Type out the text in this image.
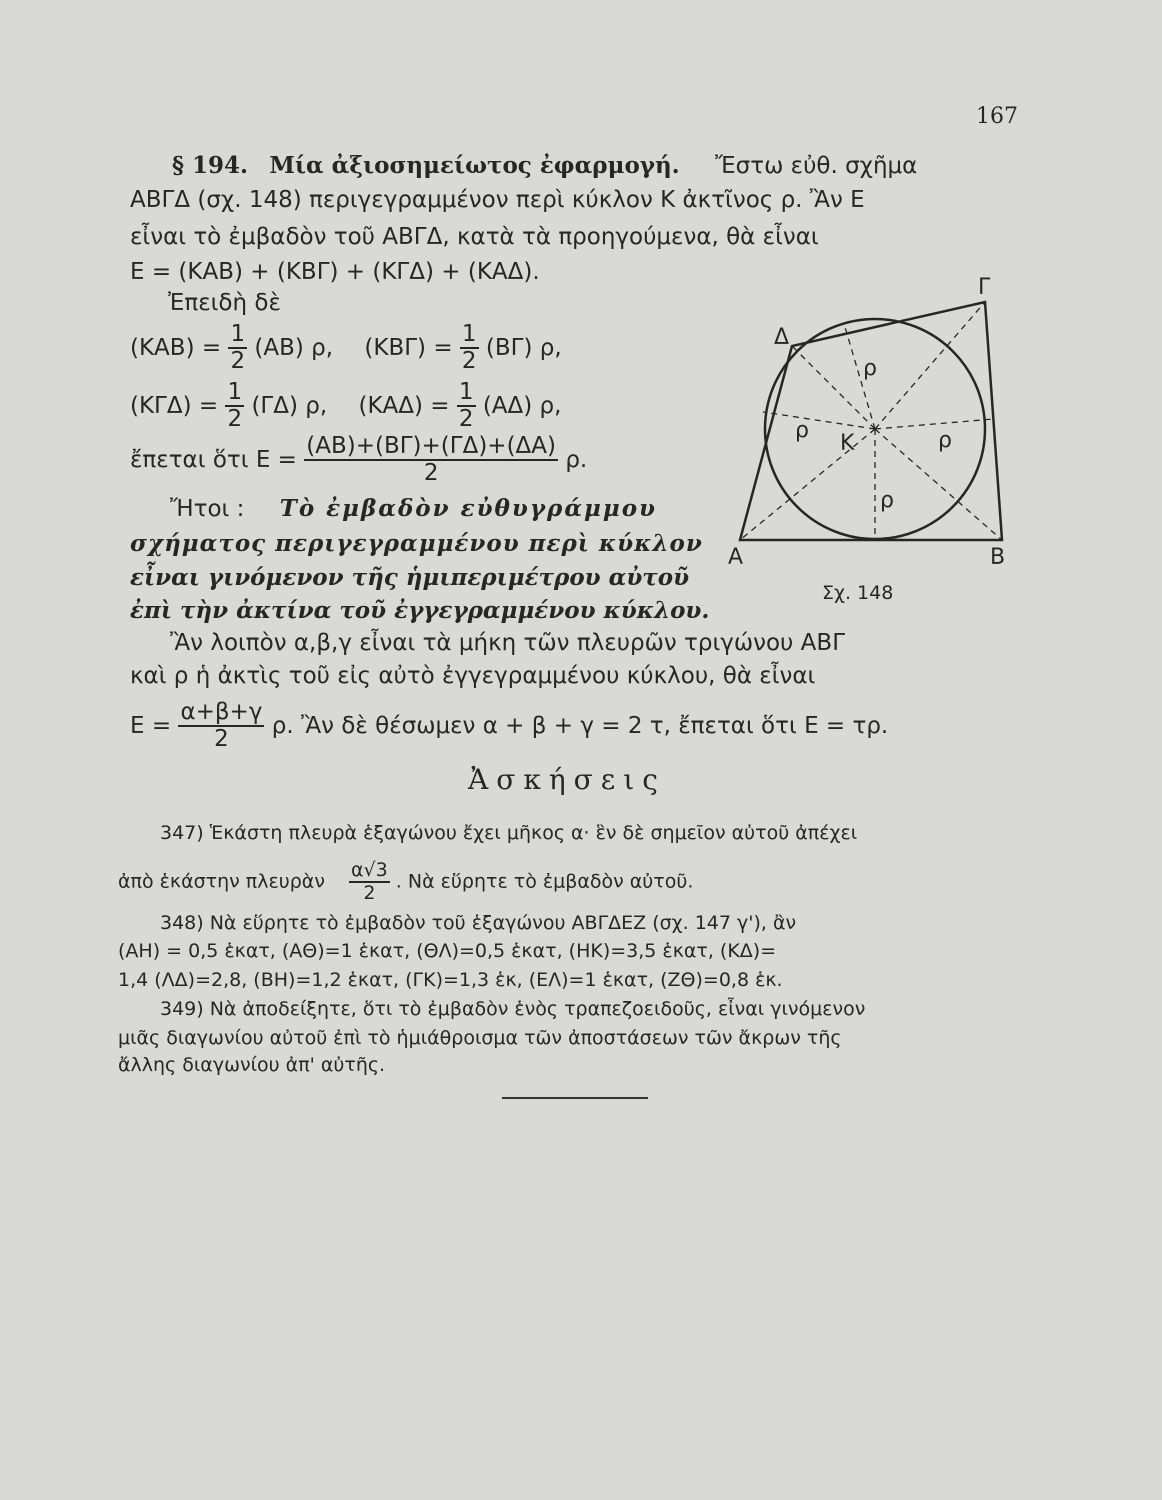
167
§ 194. Μία ἀξιοσημείωτος ἐφαρμογή. Ἔστω εὐθ. σχῆμα
ΑΒΓΔ (σχ. 148) περιγεγραμμένον περὶ κύκλον Κ ἀκτῖνος ρ. Ἂν Ε
εἶναι τὸ ἐμβαδὸν τοῦ ΑΒΓΔ, κατὰ τὰ προηγούμενα, θὰ εἶναι
Ε = (ΚΑΒ) + (ΚΒΓ) + (ΚΓΔ) + (ΚΑΔ).
Ἐπειδὴ δὲ
$(KAB) = \frac{1}{2} (AB)$ ρ, $(KB\Gamma) = \frac{1}{2} (B\Gamma)$ ρ,
$(K\Gamma\Delta) = \frac{1}{2} (\Gamma\Delta)$ ρ, $(KA\Delta) = \frac{1}{2} (A\Delta)$ ρ,
ἔπεται ὅτι $E = \frac{(AB)+(B\Gamma)+(\Gamma\Delta)+(\Delta A)}{2} \rho$.
Ἤτοι : Τὸ ἐμβαδὸν εὐθυγράμμου
σχήματος περιγεγραμμένου περὶ κύκλον
εἶναι γινόμενον τῆς ἡμιπεριμέτρου αὐτοῦ
ἐπὶ τὴν ἀκτίνα τοῦ ἐγγεγραμμένου κύκλου.
Ἂν λοιπὸν α,β,γ εἶναι τὰ μήκη τῶν πλευρῶν τριγώνου ΑΒΓ
καὶ ρ ἡ ἀκτὶς τοῦ εἰς αὐτὸ ἐγγεγραμμένου κύκλου, θὰ εἶναι
$E = \frac{\alpha+\beta+\gamma}{2} \rho$. Ἂν δὲ θέσωμεν α + β + γ = 2 τ, ἔπεται ὅτι Ε = τρ.
Α	Β
Γ
Δ
Κ
ρ
ρ	ρ
ρ
Σχ. 148
Ἀσκήσεις
347) Ἑκάστη πλευρὰ ἑξαγώνου ἔχει μῆκος α· ἓν δὲ σημεῖον αὐτοῦ ἀπέχει
ἀπὸ ἑκάστην πλευρὰν $\frac{\alpha√3}{2}$ . Νὰ εὕρητε τὸ ἐμβαδὸν αὐτοῦ.
348) Νὰ εὕρητε τὸ ἐμβαδὸν τοῦ ἑξαγώνου ΑΒΓΔΕΖ (σχ. 147 γ'), ἂν
(ΑΗ) = 0,5 ἑκατ, (ΑΘ)=1 ἑκατ, (ΘΛ)=0,5 ἑκατ, (ΗΚ)=3,5 ἑκατ, (ΚΔ)=
1,4 (ΛΔ)=2,8, (ΒΗ)=1,2 ἑκατ, (ΓΚ)=1,3 ἑκ, (ΕΛ)=1 ἑκατ, (ΖΘ)=0,8 ἑκ.
349) Νὰ ἀποδείξητε, ὅτι τὸ ἐμβαδὸν ἑνὸς τραπεζοειδοῦς, εἶναι γινόμενον
μιᾶς διαγωνίου αὐτοῦ ἐπὶ τὸ ἡμιάθροισμα τῶν ἀποστάσεων τῶν ἄκρων τῆς
ἄλλης διαγωνίου ἀπ' αὐτῆς.
